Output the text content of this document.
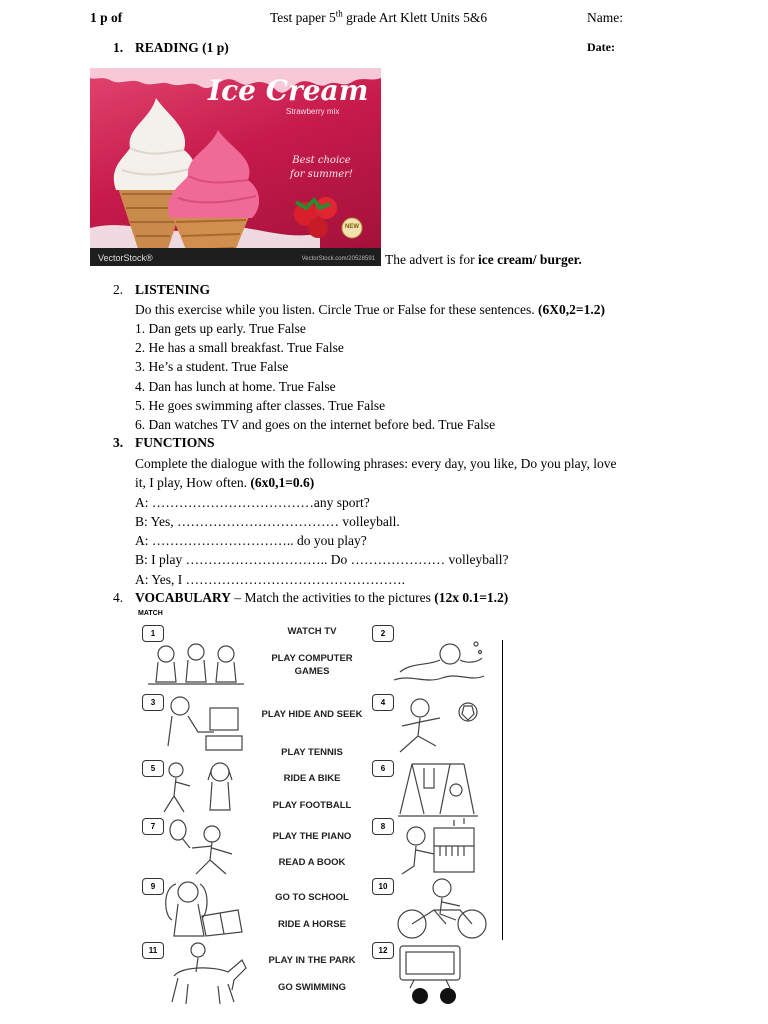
1 p of	Test paper 5th grade Art Klett Units 5&6	Name:
1. READING (1 p)	Date:
Ice Cream
Strawberry mix
Best choice
for summer!
NEW
VectorStock®	VectorStock.com/20528591 The advert is for ice cream/ burger.
2. LISTENING
Do this exercise while you listen. Circle True or False for these sentences. (6X0,2=1.2)
1. Dan gets up early. True False
2. He has a small breakfast. True False
3. He’s a student. True False
4. Dan has lunch at home. True False
5. He goes swimming after classes. True False
6. Dan watches TV and goes on the internet before bed. True False
3. FUNCTIONS
Complete the dialogue with the following phrases: every day, you like, Do you play, love
it, I play, How often. (6x0,1=0.6)
A: ………………………………any sport?
B: Yes, ……………………………… volleyball.
A: ………………………….. do you play?
B: I play ………………………….. Do ………………… volleyball?
A: Yes, I ………………………………………….
4. VOCABULARY – Match the activities to the pictures (12x 0.1=1.2)
MATCH
1	2
3	4
5	6
7	8
9	10
11	12
WATCH TV
PLAY COMPUTER GAMES
PLAY HIDE AND SEEK
PLAY TENNIS
RIDE A BIKE
PLAY FOOTBALL
PLAY THE PIANO
READ A BOOK
GO TO SCHOOL
RIDE A HORSE
PLAY IN THE PARK
GO SWIMMING
